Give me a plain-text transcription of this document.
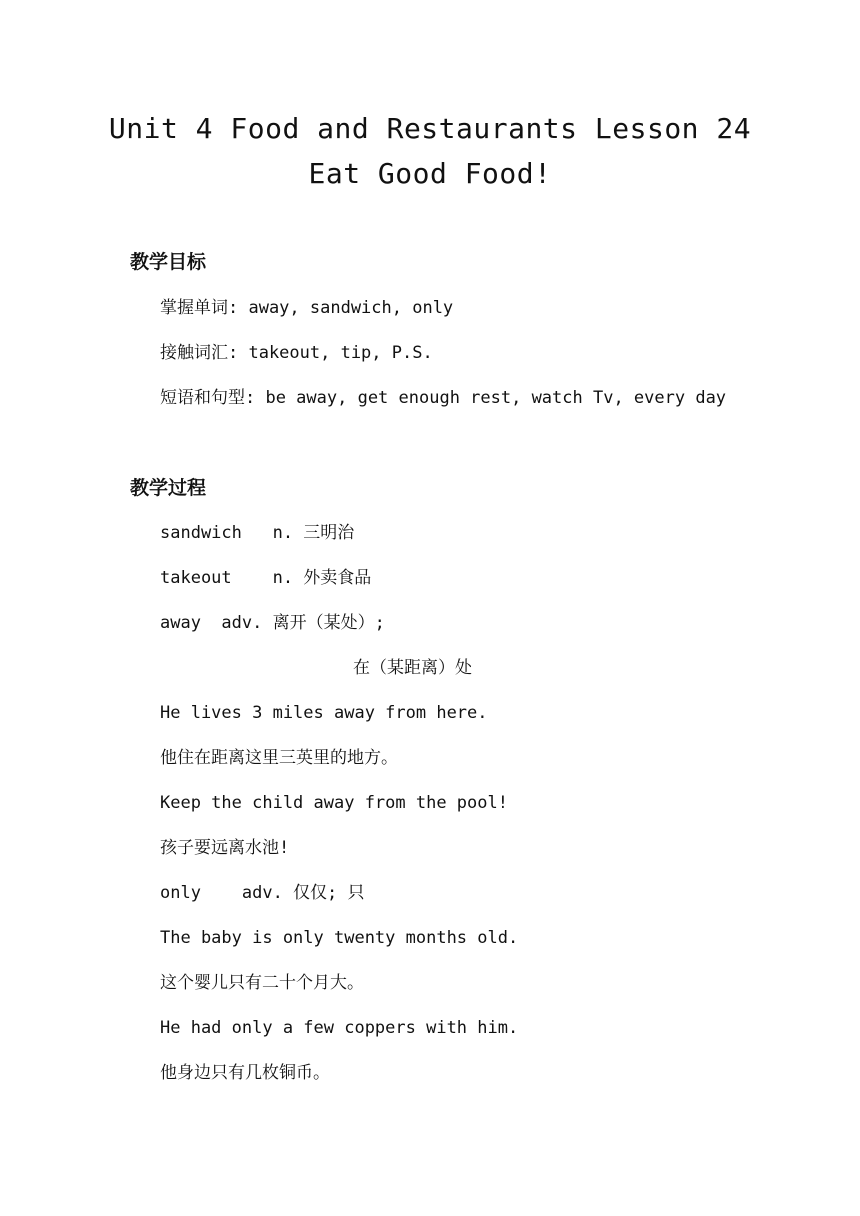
Unit 4 Food and Restaurants Lesson 24
Eat Good Food!
教学目标
掌握单词: away, sandwich, only
接触词汇: takeout, tip, P.S.
短语和句型: be away, get enough rest, watch Tv, every day
教学过程
sandwich   n. 三明治
takeout    n. 外卖食品
away  adv. 离开（某处）;
在（某距离）处
He lives 3 miles away from here.
他住在距离这里三英里的地方。
Keep the child away from the pool!
孩子要远离水池!
only    adv. 仅仅; 只
The baby is only twenty months old.
这个婴儿只有二十个月大。
He had only a few coppers with him.
他身边只有几枚铜币。
